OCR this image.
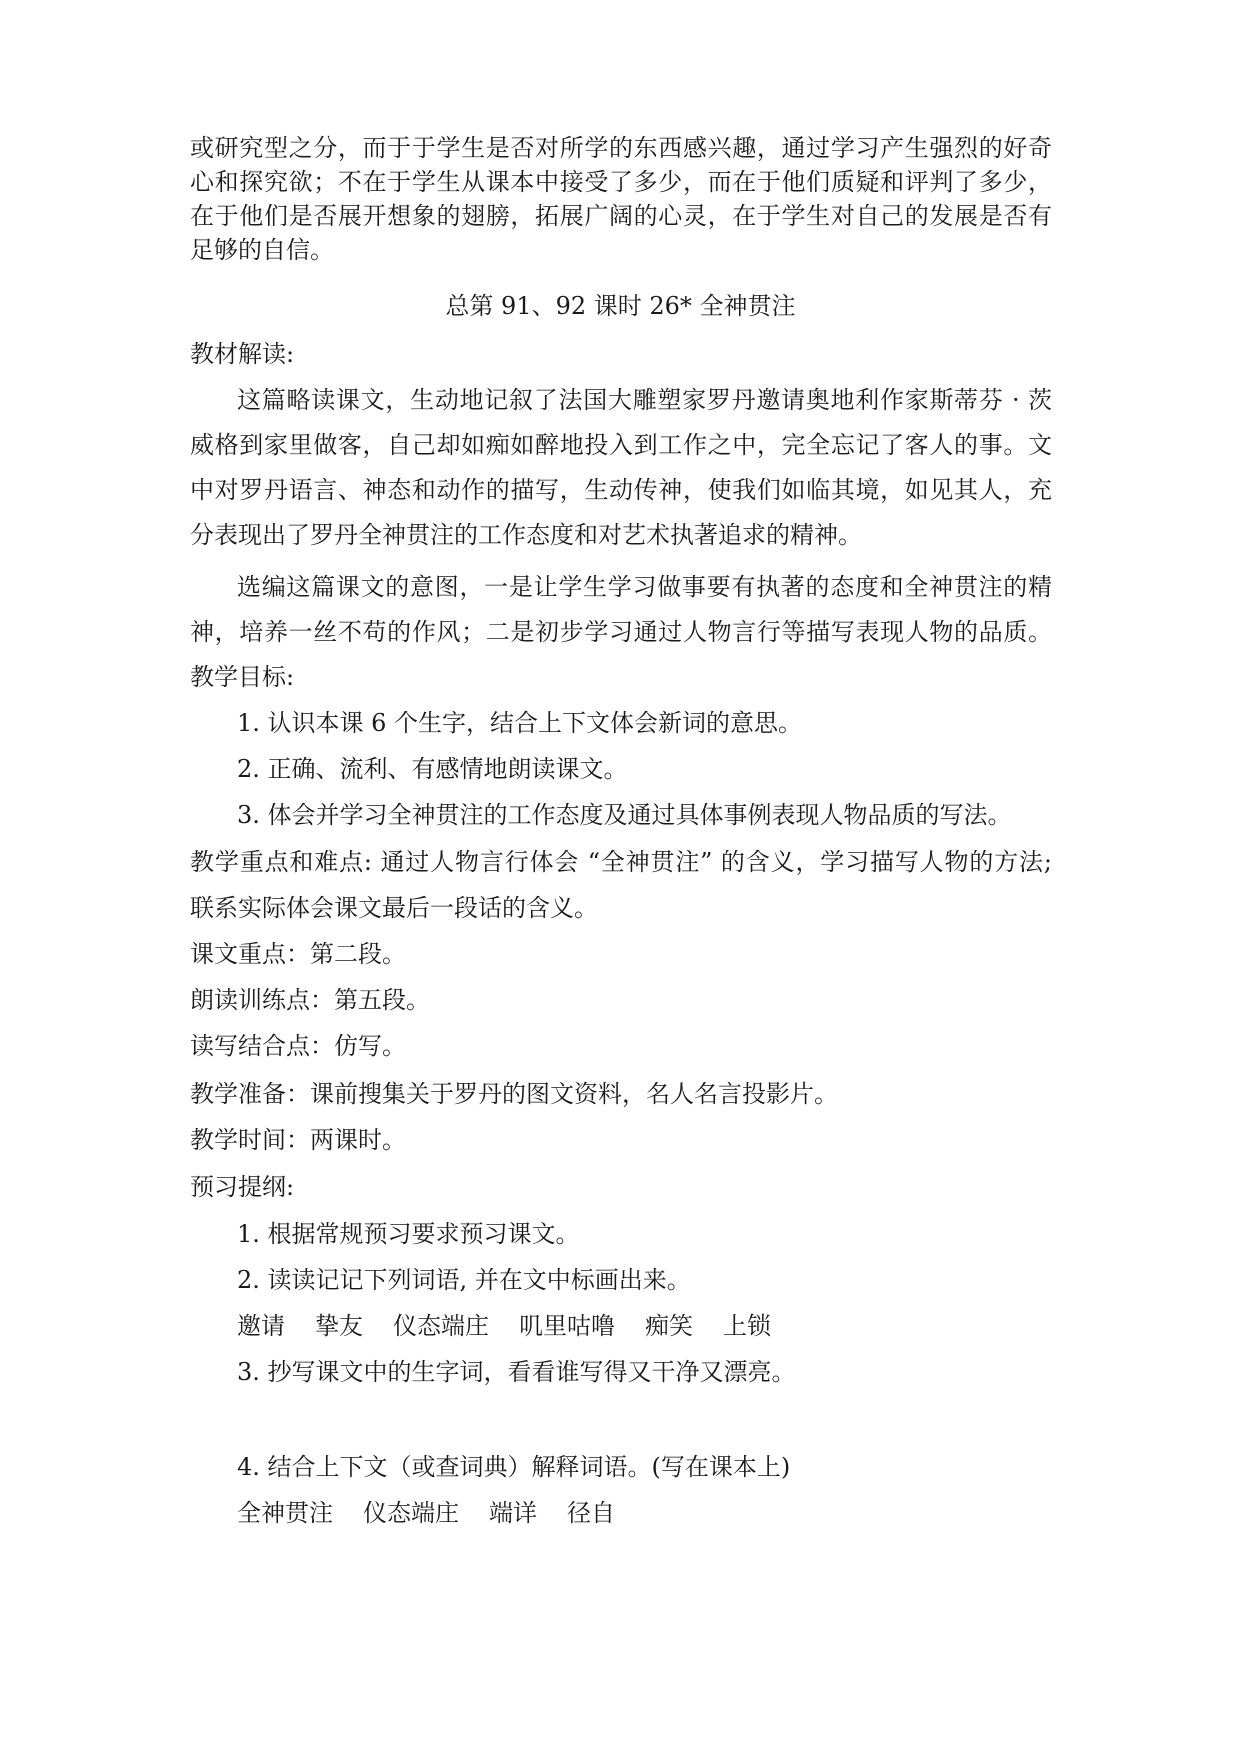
或研究型之分，而于于学生是否对所学的东西感兴趣，通过学习产生强烈的好奇
心和探究欲；不在于学生从课本中接受了多少，而在于他们质疑和评判了多少，
在于他们是否展开想象的翅膀，拓展广阔的心灵，在于学生对自己的发展是否有
足够的自信。
总第 91、92 课时 26* 全神贯注
教材解读:
这篇略读课文，生动地记叙了法国大雕塑家罗丹邀请奥地利作家斯蒂芬 · 茨
威格到家里做客，自己却如痴如醉地投入到工作之中，完全忘记了客人的事。文
中对罗丹语言、神态和动作的描写，生动传神，使我们如临其境，如见其人，充
分表现出了罗丹全神贯注的工作态度和对艺术执著追求的精神。
选编这篇课文的意图，一是让学生学习做事要有执著的态度和全神贯注的精
神，培养一丝不苟的作风；二是初步学习通过人物言行等描写表现人物的品质。
教学目标:
1. 认识本课 6 个生字，结合上下文体会新词的意思。
2. 正确、流利、有感情地朗读课文。
3. 体会并学习全神贯注的工作态度及通过具体事例表现人物品质的写法。
教学重点和难点: 通过人物言行体会 “全神贯注” 的含义，学习描写人物的方法;
联系实际体会课文最后一段话的含义。
课文重点：第二段。
朗读训练点：第五段。
读写结合点：仿写。
教学准备：课前搜集关于罗丹的图文资料，名人名言投影片。
教学时间：两课时。
预习提纲:
1. 根据常规预习要求预习课文。
2. 读读记记下列词语, 并在文中标画出来。
邀请 挚友 仪态端庄 叽里咕噜 痴笑 上锁
3. 抄写课文中的生字词，看看谁写得又干净又漂亮。
4. 结合上下文（或查词典）解释词语。(写在课本上)
全神贯注 仪态端庄 端详 径自
